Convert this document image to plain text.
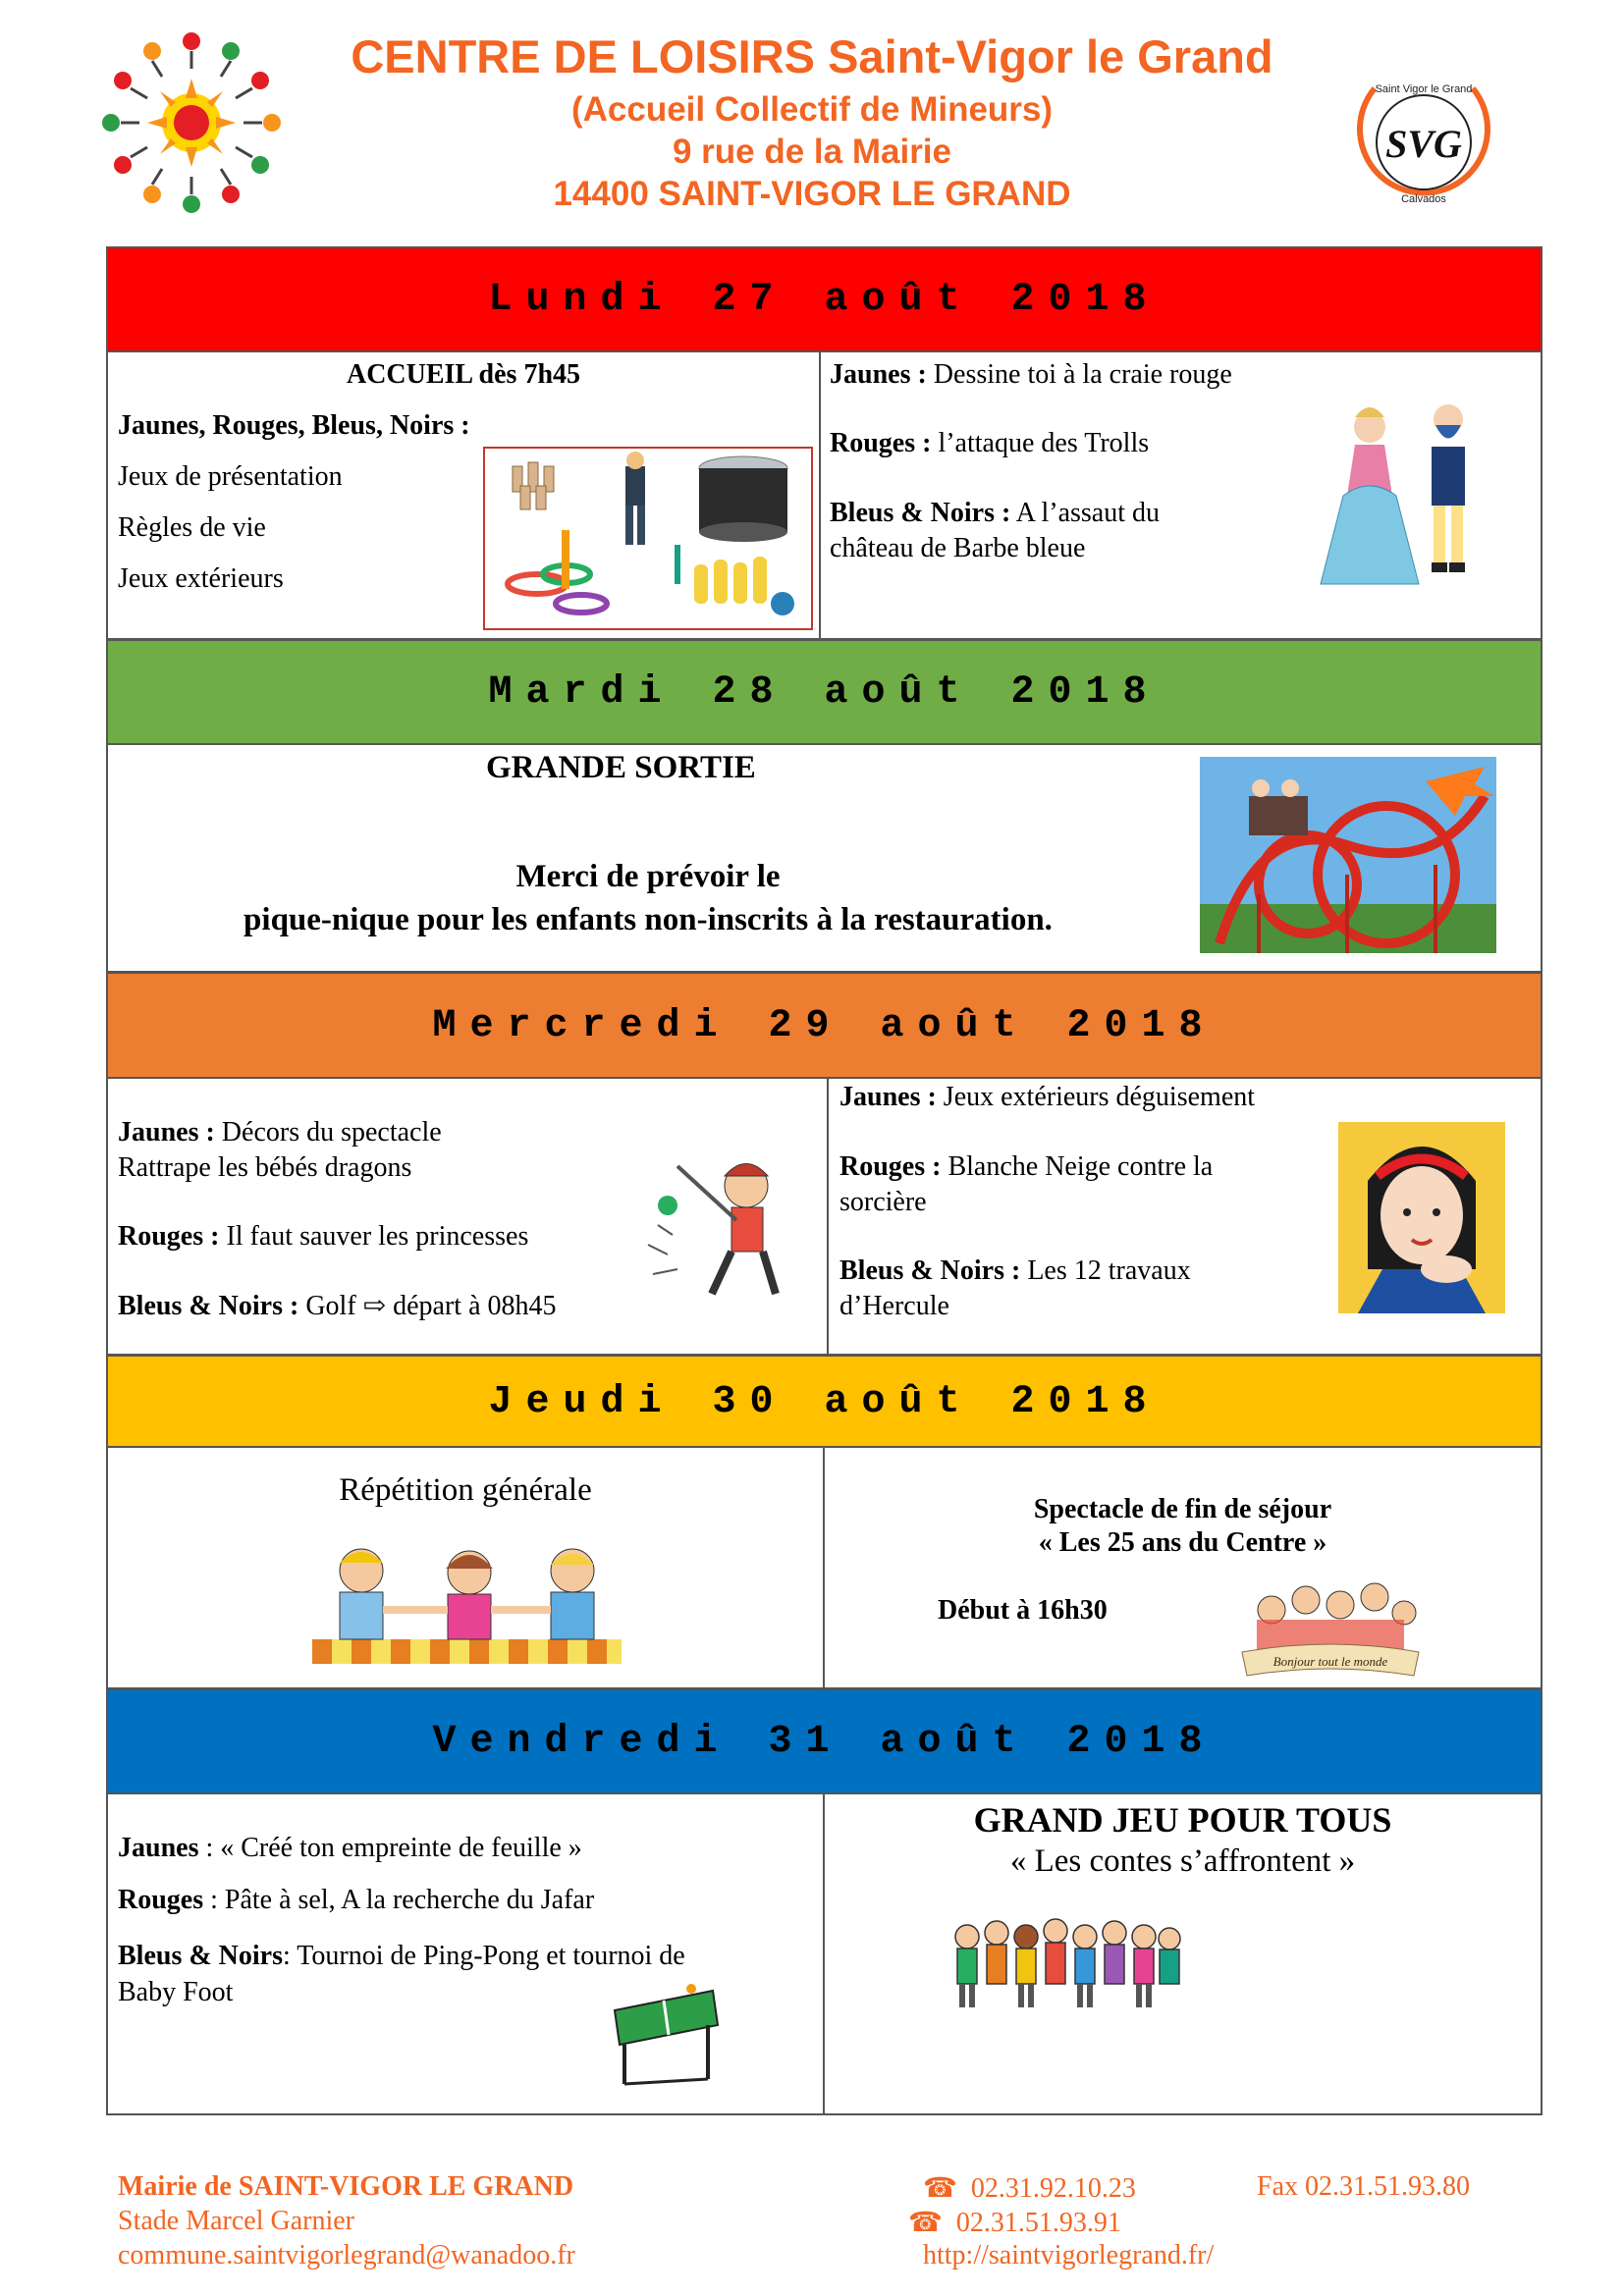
CENTRE DE LOISIRS Saint-Vigor le Grand
(Accueil Collectif de Mineurs)
9 rue de la Mairie
14400 SAINT-VIGOR LE GRAND
Saint Vigor le Grand
SVG
Calvados
Lundi 27 août 2018
ACCUEIL dès 7h45
Jaunes, Rouges, Bleus, Noirs :
Jeux de présentation
Règles de vie
Jeux extérieurs
Jaunes : Dessine toi à la craie rouge
Rouges : l’attaque des Trolls
Bleus & Noirs : A l’assaut du
château de Barbe bleue
Mardi 28 août 2018
GRANDE SORTIE
Merci de prévoir le
pique-nique pour les enfants non-inscrits à la restauration.
Mercredi 29 août 2018
Jaunes : Décors du spectacle
Rattrape les bébés dragons
Rouges : Il faut sauver les princesses
Bleus & Noirs : Golf ⇨ départ à 08h45
Jaunes : Jeux extérieurs déguisement
Rouges : Blanche Neige contre la
sorcière
Bleus & Noirs : Les 12 travaux
d’Hercule
Jeudi 30 août 2018
Répétition générale
Spectacle de fin de séjour
« Les 25 ans du Centre »
Début à 16h30
Bonjour tout le monde
Vendredi 31 août 2018
Jaunes : « Créé ton empreinte de feuille »
Rouges : Pâte à sel, A la recherche du Jafar
Bleus & Noirs: Tournoi de Ping-Pong et tournoi de
Baby Foot
GRAND JEU POUR TOUS
« Les contes s’affrontent »
Mairie de SAINT-VIGOR LE GRAND
Stade Marcel Garnier
commune.saintvigorlegrand@wanadoo.fr
☎ 02.31.92.10.23	Fax 02.31.51.93.80
☎ 02.31.51.93.91
http://saintvigorlegrand.fr/
